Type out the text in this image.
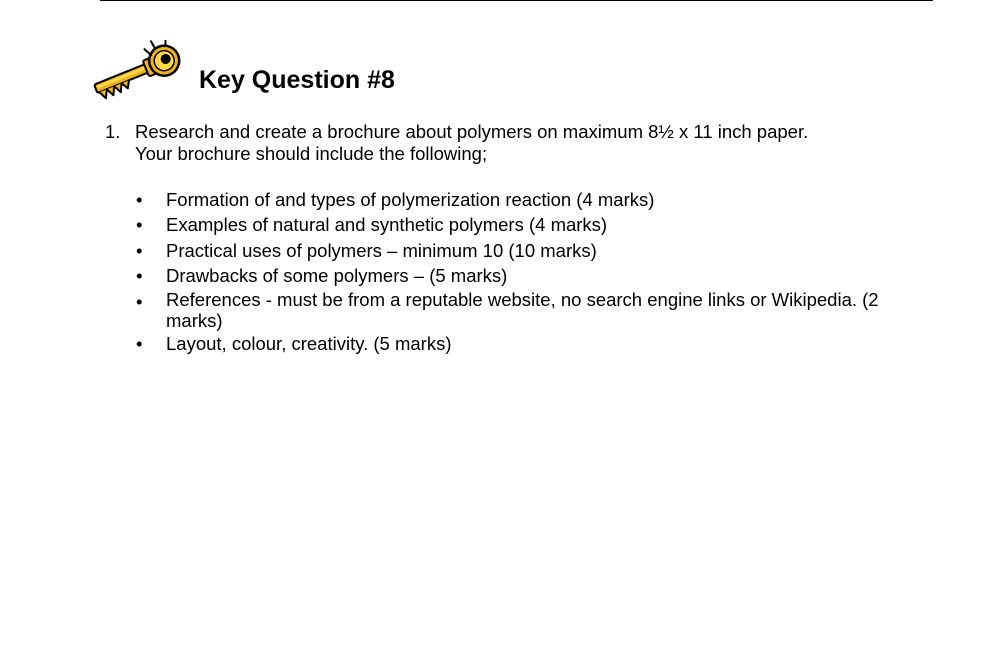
Key Question #8
1. Research and create a brochure about polymers on maximum 8½ x 11 inch paper.
Your brochure should include the following;
• Formation of and types of polymerization reaction (4 marks)
• Examples of natural and synthetic polymers (4 marks)
• Practical uses of polymers – minimum 10 (10 marks)
• Drawbacks of some polymers – (5 marks)
• References - must be from a reputable website, no search engine links or Wikipedia. (2 marks)
• Layout, colour, creativity. (5 marks)
